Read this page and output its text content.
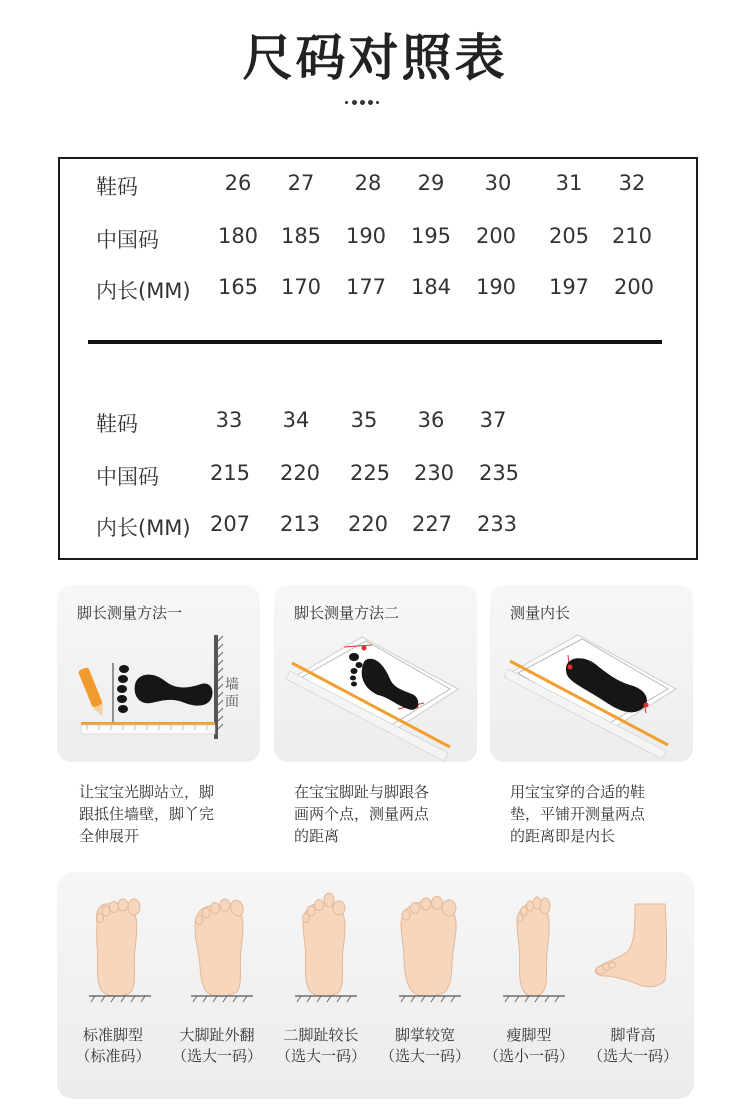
尺码对照表
鞋码	26	27	28	29	30	31	32
中国码	180 185 190 195 200 205 210
内长(MM) 165 170 177 184 190 197 200
鞋码	33	34	35	36	37
中国码 215 220 225 230 235
内长(MM) 207 213 220 227 233
墙面
脚长测量方法一	脚长测量方法二	测量内长
让宝宝光脚站立，脚
跟抵住墙壁，脚丫完
全伸展开
在宝宝脚趾与脚跟各
画两个点，测量两点
的距离
用宝宝穿的合适的鞋
垫，平铺开测量两点
的距离即是内长
标准脚型
（标准码）
大脚趾外翻
（选大一码）
二脚趾较长
（选大一码）
脚掌较宽
（选大一码）
瘦脚型
（选小一码）
脚背高
（选大一码）
